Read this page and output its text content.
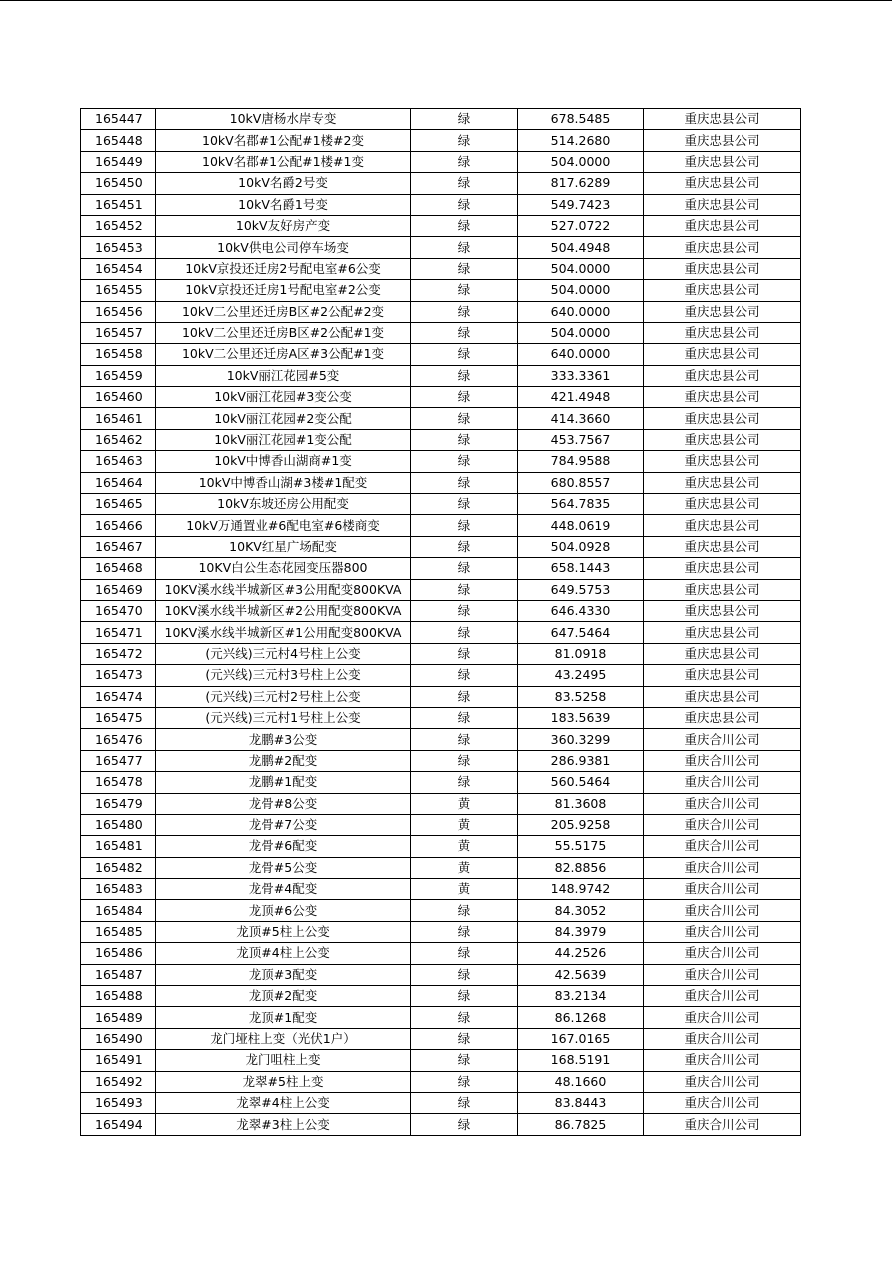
165447	10kV唐杨水岸专变	绿	678.5485	重庆忠县公司
165448	10kV名郡#1公配#1楼#2变	绿	514.2680	重庆忠县公司
165449	10kV名郡#1公配#1楼#1变	绿	504.0000	重庆忠县公司
165450	10kV名爵2号变	绿	817.6289	重庆忠县公司
165451	10kV名爵1号变	绿	549.7423	重庆忠县公司
165452	10kV友好房产变	绿	527.0722	重庆忠县公司
165453	10kV供电公司停车场变	绿	504.4948	重庆忠县公司
165454	10kV京投还迁房2号配电室#6公变	绿	504.0000	重庆忠县公司
165455	10kV京投还迁房1号配电室#2公变	绿	504.0000	重庆忠县公司
165456	10kV二公里还迁房B区#2公配#2变	绿	640.0000	重庆忠县公司
165457	10kV二公里还迁房B区#2公配#1变	绿	504.0000	重庆忠县公司
165458	10kV二公里还迁房A区#3公配#1变	绿	640.0000	重庆忠县公司
165459	10kV丽江花园#5变	绿	333.3361	重庆忠县公司
165460	10kV丽江花园#3变公变	绿	421.4948	重庆忠县公司
165461	10kV丽江花园#2变公配	绿	414.3660	重庆忠县公司
165462	10kV丽江花园#1变公配	绿	453.7567	重庆忠县公司
165463	10kV中博香山湖商#1变	绿	784.9588	重庆忠县公司
165464	10kV中博香山湖#3楼#1配变	绿	680.8557	重庆忠县公司
165465	10kV东坡还房公用配变	绿	564.7835	重庆忠县公司
165466	10kV万通置业#6配电室#6楼商变	绿	448.0619	重庆忠县公司
165467	10KV红星广场配变	绿	504.0928	重庆忠县公司
165468	10KV白公生态花园变压器800	绿	658.1443	重庆忠县公司
165469	10KV溪水线半城新区#3公用配变800KVA	绿	649.5753	重庆忠县公司
165470	10KV溪水线半城新区#2公用配变800KVA	绿	646.4330	重庆忠县公司
165471	10KV溪水线半城新区#1公用配变800KVA	绿	647.5464	重庆忠县公司
165472	(元兴线)三元村4号柱上公变	绿	81.0918	重庆忠县公司
165473	(元兴线)三元村3号柱上公变	绿	43.2495	重庆忠县公司
165474	(元兴线)三元村2号柱上公变	绿	83.5258	重庆忠县公司
165475	(元兴线)三元村1号柱上公变	绿	183.5639	重庆忠县公司
165476	龙鹏#3公变	绿	360.3299	重庆合川公司
165477	龙鹏#2配变	绿	286.9381	重庆合川公司
165478	龙鹏#1配变	绿	560.5464	重庆合川公司
165479	龙骨#8公变	黄	81.3608	重庆合川公司
165480	龙骨#7公变	黄	205.9258	重庆合川公司
165481	龙骨#6配变	黄	55.5175	重庆合川公司
165482	龙骨#5公变	黄	82.8856	重庆合川公司
165483	龙骨#4配变	黄	148.9742	重庆合川公司
165484	龙顶#6公变	绿	84.3052	重庆合川公司
165485	龙顶#5柱上公变	绿	84.3979	重庆合川公司
165486	龙顶#4柱上公变	绿	44.2526	重庆合川公司
165487	龙顶#3配变	绿	42.5639	重庆合川公司
165488	龙顶#2配变	绿	83.2134	重庆合川公司
165489	龙顶#1配变	绿	86.1268	重庆合川公司
165490	龙门垭柱上变（光伏1户）	绿	167.0165	重庆合川公司
165491	龙门咀柱上变	绿	168.5191	重庆合川公司
165492	龙翠#5柱上变	绿	48.1660	重庆合川公司
165493	龙翠#4柱上公变	绿	83.8443	重庆合川公司
165494	龙翠#3柱上公变	绿	86.7825	重庆合川公司
